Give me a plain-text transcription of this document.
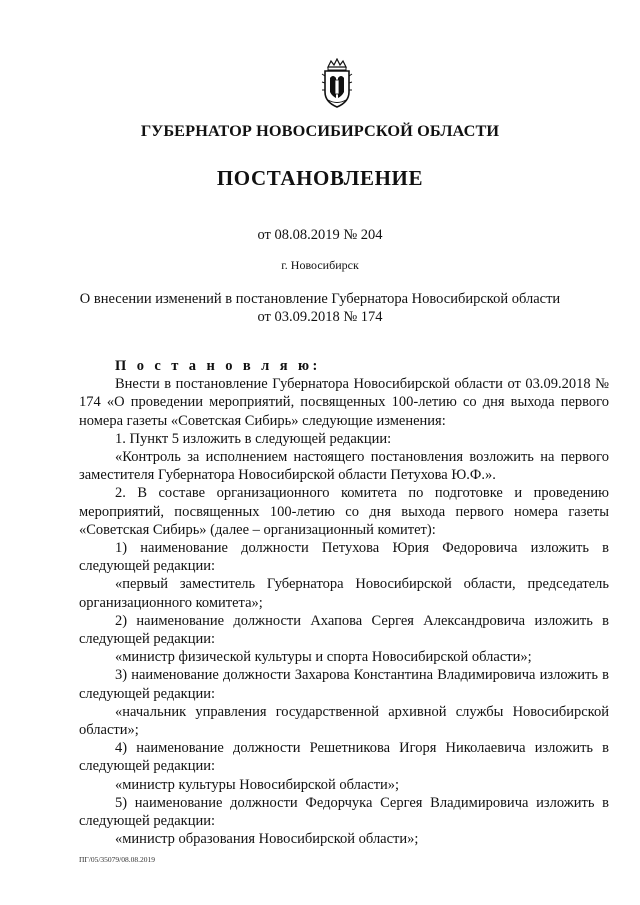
ГУБЕРНАТОР НОВОСИБИРСКОЙ ОБЛАСТИ
ПОСТАНОВЛЕНИЕ
от 08.08.2019 № 204
г. Новосибирск
О внесении изменений в постановление Губернатора Новосибирской области
от 03.09.2018 № 174

П о с т а н о в л я ю:

Внести в постановление Губернатора Новосибирской области от 03.09.2018 № 174 «О проведении мероприятий, посвященных 100-летию со дня выхода первого номера газеты «Советская Сибирь» следующие изменения:

1. Пункт 5 изложить в следующей редакции:

«Контроль за исполнением настоящего постановления возложить на первого заместителя Губернатора Новосибирской области Петухова Ю.Ф.».

2. В составе организационного комитета по подготовке и проведению мероприятий, посвященных 100-летию со дня выхода первого номера газеты «Советская Сибирь» (далее – организационный комитет):

1) наименование должности Петухова Юрия Федоровича изложить в следующей редакции:

«первый заместитель Губернатора Новосибирской области, председатель организационного комитета»;

2) наименование должности Ахапова Сергея Александровича изложить в следующей редакции:

«министр физической культуры и спорта Новосибирской области»;

3) наименование должности Захарова Константина Владимировича изложить в следующей редакции:

«начальник управления государственной архивной службы Новосибирской области»;

4) наименование должности Решетникова Игоря Николаевича изложить в следующей редакции:

«министр культуры Новосибирской области»;

5) наименование должности Федорчука Сергея Владимировича изложить в следующей редакции:

«министр образования Новосибирской области»;

ПГ/05/35079/08.08.2019
